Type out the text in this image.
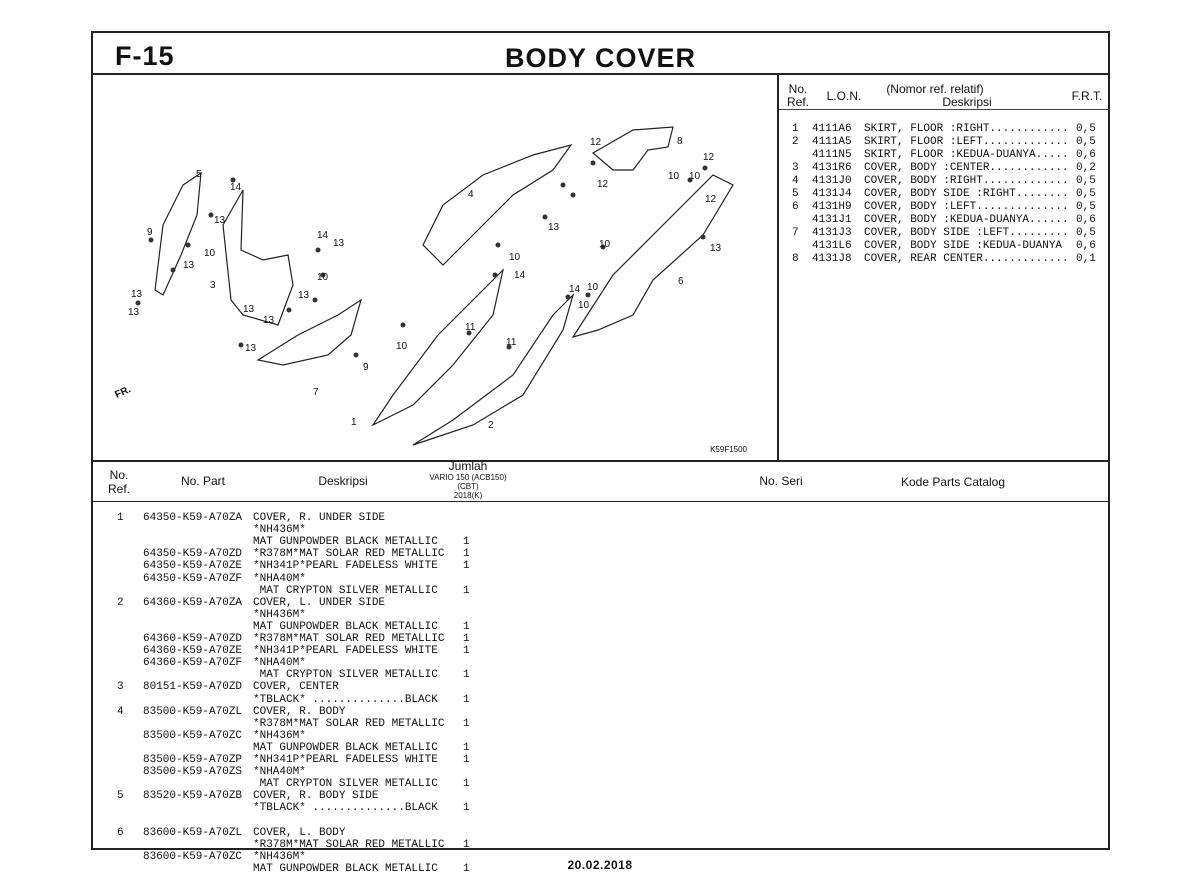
F-15	BODY COVER
5
14
13
9
10
13
13
3
14
13
10
13
13
13
13
9
7
4
12
12
10
13
8
12
10
12
10
13
10
10
14
14 10
6
11
11
10
1	2
13
FR.
K59F1500
No.
Ref.	L.O.N.	(Nomor ref. relatif)
Deskripsi	F.R.T.
1 4111A6 SKIRT, FLOOR :RIGHT............ 0,5
2 4111A5 SKIRT, FLOOR :LEFT............. 0,5
4111N5 SKIRT, FLOOR :KEDUA-DUANYA..... 0,6
3 4131R6 COVER, BODY :CENTER............ 0,2
4 4131J0 COVER, BODY :RIGHT............. 0,5
5 4131J4 COVER, BODY SIDE :RIGHT........ 0,5
6 4131H9 COVER, BODY :LEFT.............. 0,5
4131J1 COVER, BODY :KEDUA-DUANYA...... 0,6
7 4131J3 COVER, BODY SIDE :LEFT......... 0,5
4131L6 COVER, BODY SIDE :KEDUA-DUANYA 0,6
8 4131J8 COVER, REAR CENTER............. 0,1
No.
Ref.
No. Part	Deskripsi
Jumlah
VARIO 150 (ACB150)
(CBT)
2018(K)
No. Seri	Kode Parts Catalog
1 64350-K59-A70ZA COVER, R. UNDER SIDE
*NH436M*
MAT GUNPOWDER BLACK METALLIC 1
64350-K59-A70ZD *R378M*MAT SOLAR RED METALLIC 1
64350-K59-A70ZE *NH341P*PEARL FADELESS WHITE 1
64350-K59-A70ZF *NHA40M*
MAT CRYPTON SILVER METALLIC 1
2 64360-K59-A70ZA COVER, L. UNDER SIDE
*NH436M*
MAT GUNPOWDER BLACK METALLIC 1
64360-K59-A70ZD *R378M*MAT SOLAR RED METALLIC 1
64360-K59-A70ZE *NH341P*PEARL FADELESS WHITE 1
64360-K59-A70ZF *NHA40M*
MAT CRYPTON SILVER METALLIC 1
3 80151-K59-A70ZD COVER, CENTER
*TBLACK* ..............BLACK 1
4 83500-K59-A70ZL COVER, R. BODY
*R378M*MAT SOLAR RED METALLIC 1
83500-K59-A70ZC *NH436M*
MAT GUNPOWDER BLACK METALLIC 1
83500-K59-A70ZP *NH341P*PEARL FADELESS WHITE 1
83500-K59-A70ZS *NHA40M*
MAT CRYPTON SILVER METALLIC 1
5 83520-K59-A70ZB COVER, R. BODY SIDE
*TBLACK* ..............BLACK 1
6 83600-K59-A70ZL COVER, L. BODY
*R378M*MAT SOLAR RED METALLIC 1
83600-K59-A70ZC *NH436M*
MAT GUNPOWDER BLACK METALLIC 1	20.02.2018
